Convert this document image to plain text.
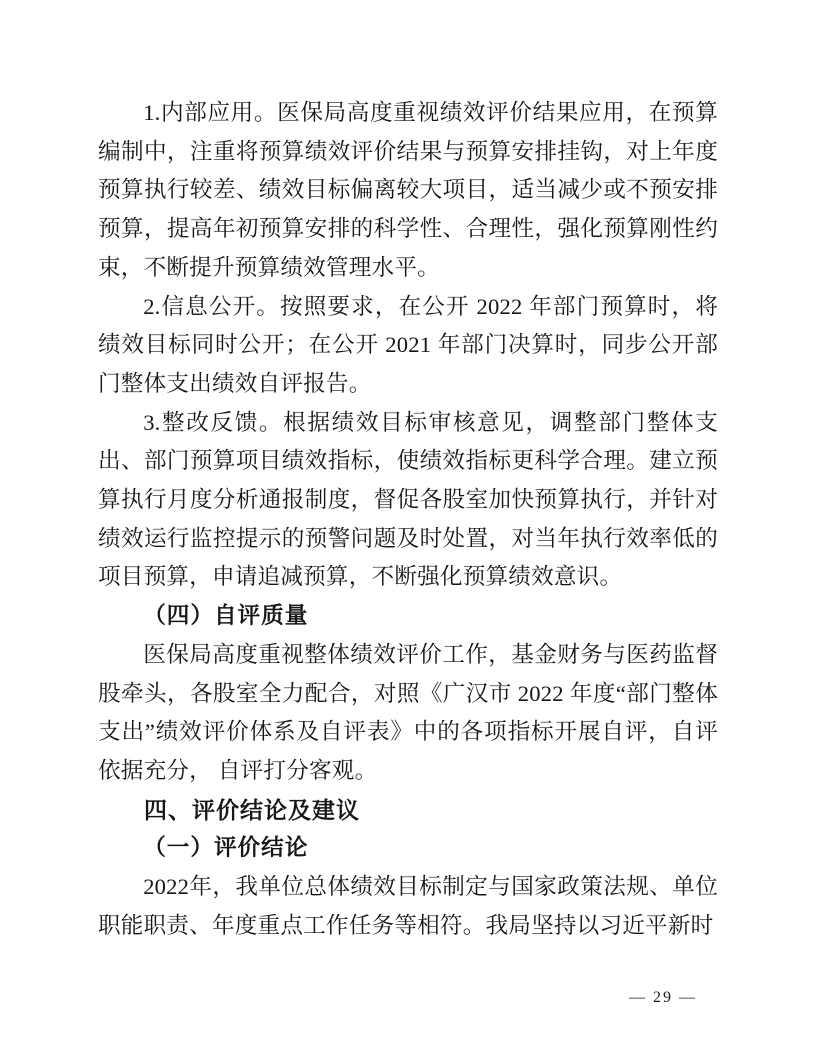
1.内部应用。医保局高度重视绩效评价结果应用，在预算编制中，注重将预算绩效评价结果与预算安排挂钩，对上年度预算执行较差、绩效目标偏离较大项目，适当减少或不预安排预算，提高年初预算安排的科学性、合理性，强化预算刚性约束，不断提升预算绩效管理水平。

2.信息公开。按照要求，在公开 2022 年部门预算时，将绩效目标同时公开；在公开 2021 年部门决算时，同步公开部门整体支出绩效自评报告。

3.整改反馈。根据绩效目标审核意见，调整部门整体支出、部门预算项目绩效指标，使绩效指标更科学合理。建立预算执行月度分析通报制度，督促各股室加快预算执行，并针对绩效运行监控提示的预警问题及时处置，对当年执行效率低的项目预算，申请追减预算，不断强化预算绩效意识。

（四）自评质量

医保局高度重视整体绩效评价工作，基金财务与医药监督股牵头，各股室全力配合，对照《广汉市 2022 年度“部门整体支出”绩效评价体系及自评表》中的各项指标开展自评，自评依据充分， 自评打分客观。

四、评价结论及建议
（一）评价结论

2022年，我单位总体绩效目标制定与国家政策法规、单位职能职责、年度重点工作任务等相符。我局坚持以习近平新时

— 29 —
